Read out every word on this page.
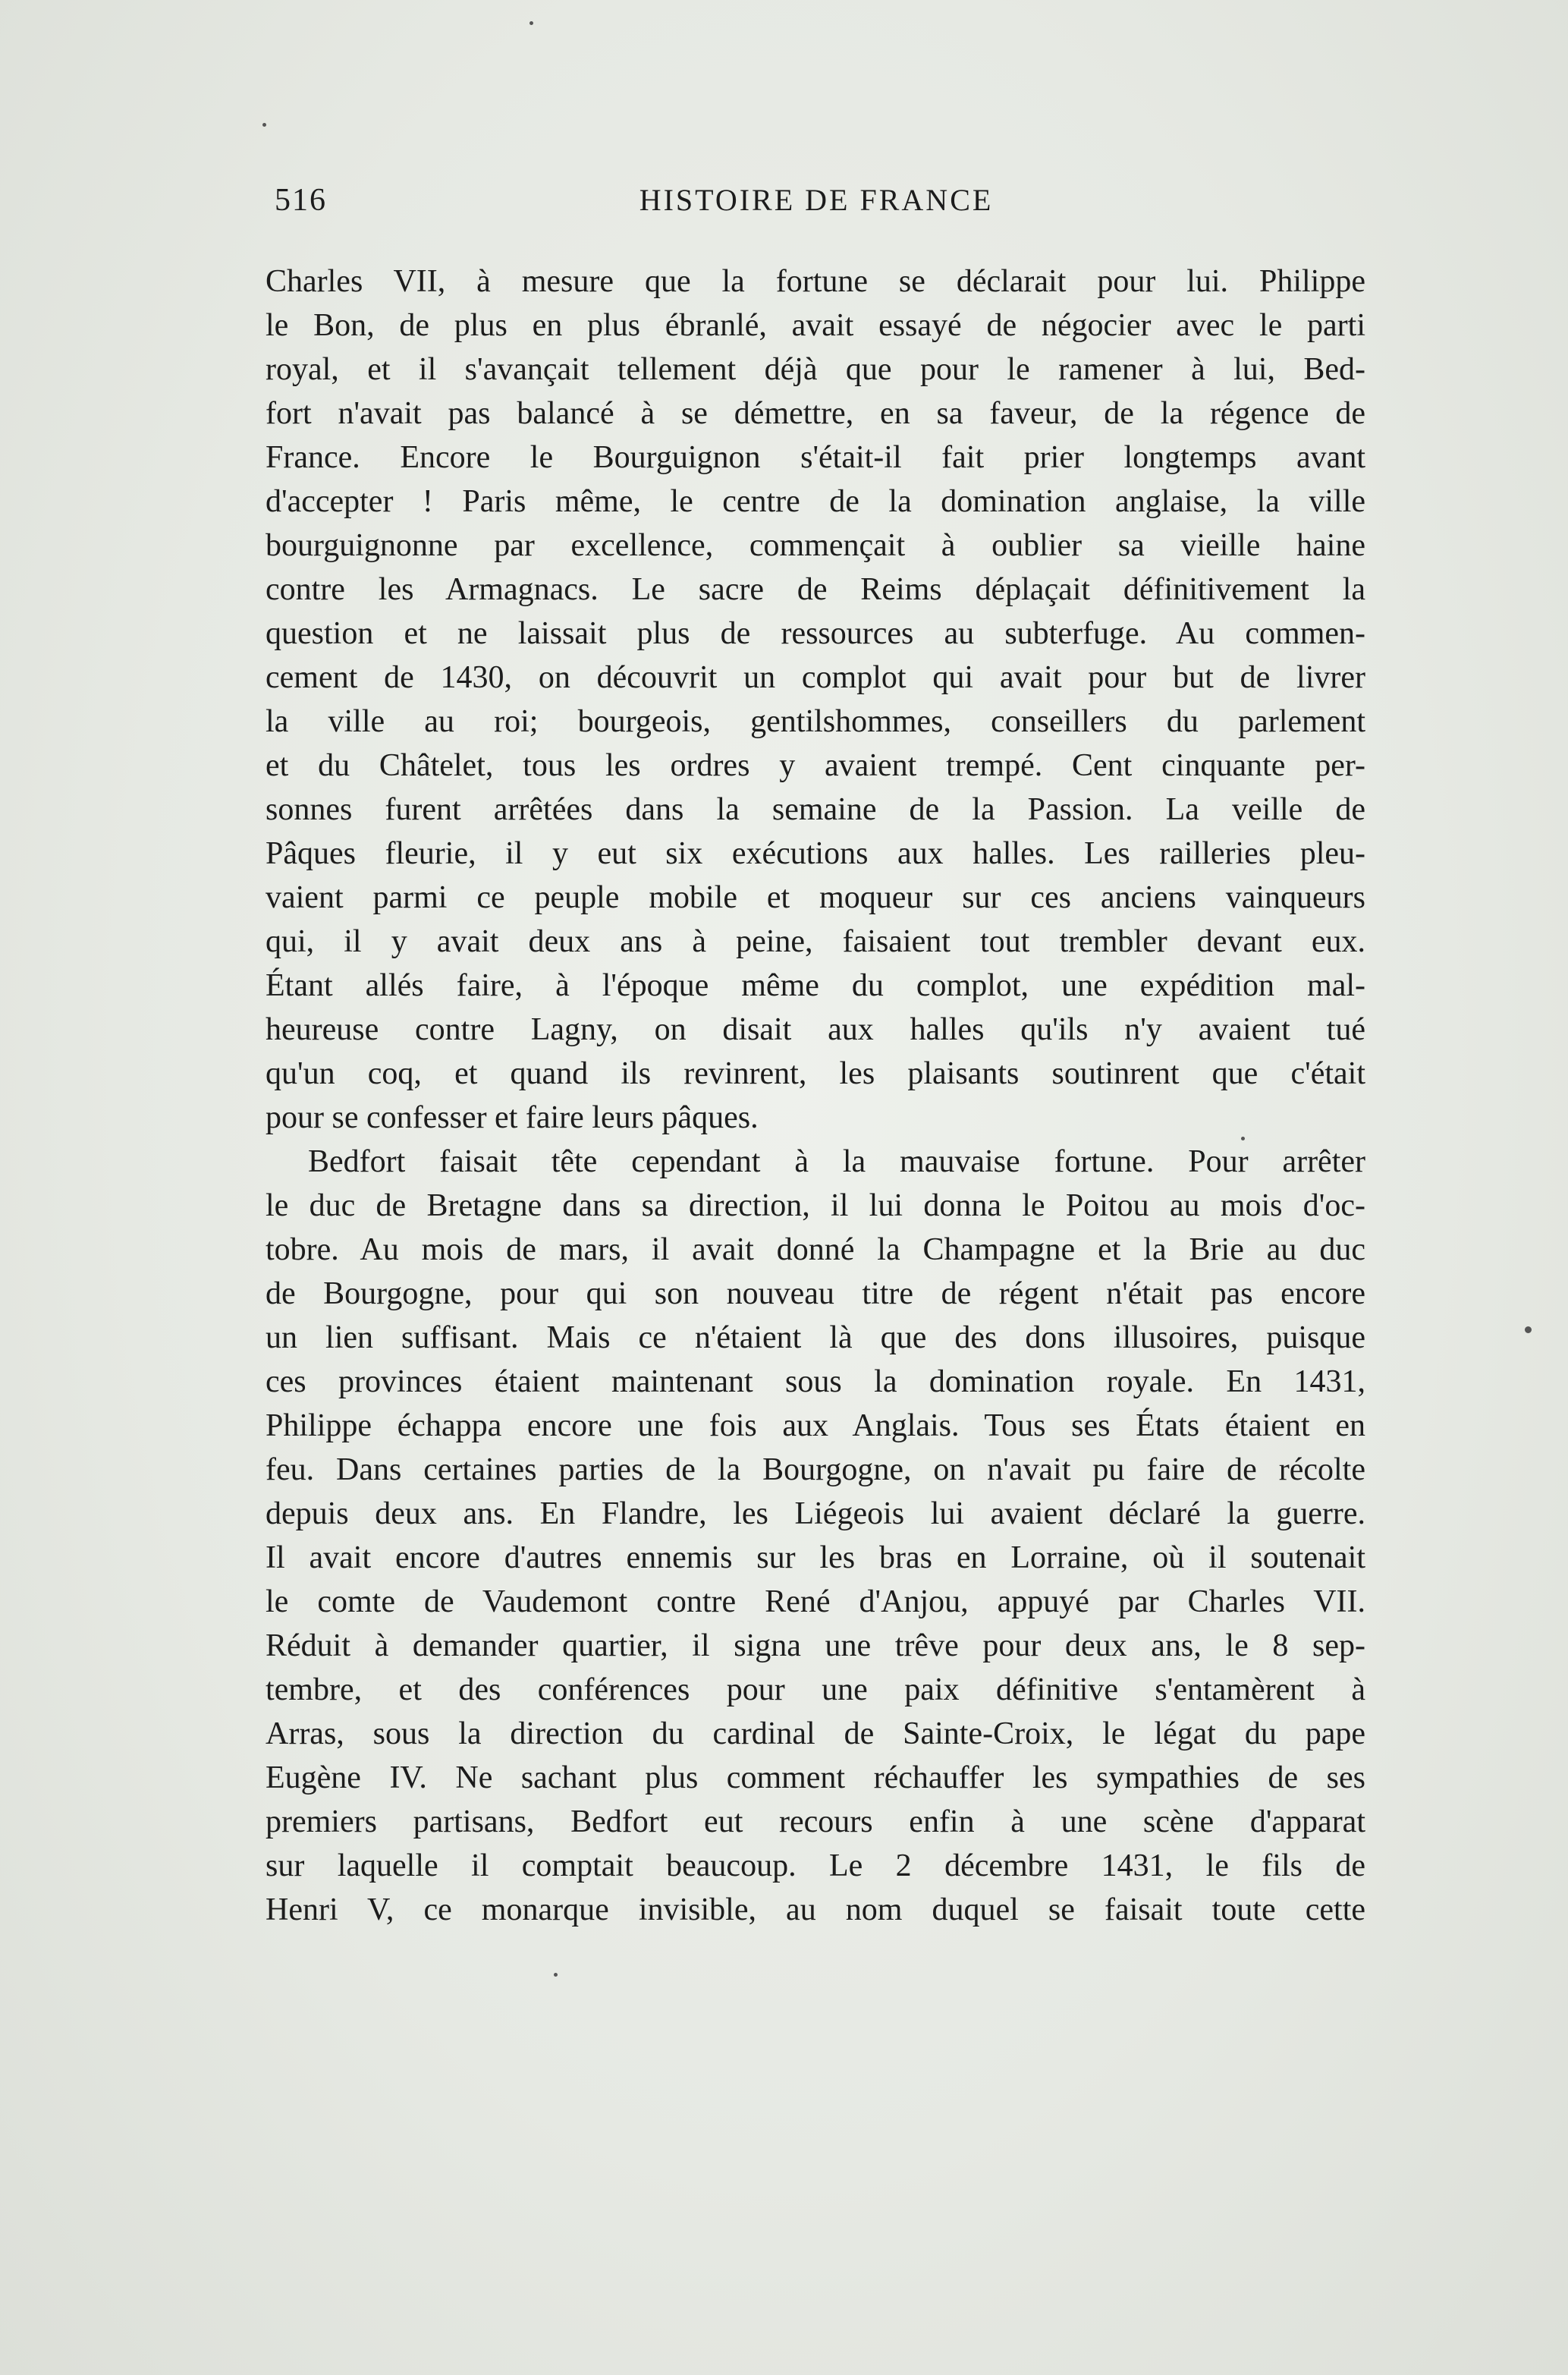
516	HISTOIRE DE FRANCE
Charles VII, à mesure que la fortune se déclarait pour lui. Philippe
le Bon, de plus en plus ébranlé, avait essayé de négocier avec le parti
royal, et il s'avançait tellement déjà que pour le ramener à lui, Bed-
fort n'avait pas balancé à se démettre, en sa faveur, de la régence de
France. Encore le Bourguignon s'était-il fait prier longtemps avant
d'accepter ! Paris même, le centre de la domination anglaise, la ville
bourguignonne par excellence, commençait à oublier sa vieille haine
contre les Armagnacs. Le sacre de Reims déplaçait définitivement la
question et ne laissait plus de ressources au subterfuge. Au commen-
cement de 1430, on découvrit un complot qui avait pour but de livrer
la ville au roi; bourgeois, gentilshommes, conseillers du parlement
et du Châtelet, tous les ordres y avaient trempé. Cent cinquante per-
sonnes furent arrêtées dans la semaine de la Passion. La veille de
Pâques fleurie, il y eut six exécutions aux halles. Les railleries pleu-
vaient parmi ce peuple mobile et moqueur sur ces anciens vainqueurs
qui, il y avait deux ans à peine, faisaient tout trembler devant eux.
Étant allés faire, à l'époque même du complot, une expédition mal-
heureuse contre Lagny, on disait aux halles qu'ils n'y avaient tué
qu'un coq, et quand ils revinrent, les plaisants soutinrent que c'était
pour se confesser et faire leurs pâques.
Bedfort faisait tête cependant à la mauvaise fortune. Pour arrêter
le duc de Bretagne dans sa direction, il lui donna le Poitou au mois d'oc-
tobre. Au mois de mars, il avait donné la Champagne et la Brie au duc
de Bourgogne, pour qui son nouveau titre de régent n'était pas encore
un lien suffisant. Mais ce n'étaient là que des dons illusoires, puisque
ces provinces étaient maintenant sous la domination royale. En 1431,
Philippe échappa encore une fois aux Anglais. Tous ses États étaient en
feu. Dans certaines parties de la Bourgogne, on n'avait pu faire de récolte
depuis deux ans. En Flandre, les Liégeois lui avaient déclaré la guerre.
Il avait encore d'autres ennemis sur les bras en Lorraine, où il soutenait
le comte de Vaudemont contre René d'Anjou, appuyé par Charles VII.
Réduit à demander quartier, il signa une trêve pour deux ans, le 8 sep-
tembre, et des conférences pour une paix définitive s'entamèrent à
Arras, sous la direction du cardinal de Sainte-Croix, le légat du pape
Eugène IV. Ne sachant plus comment réchauffer les sympathies de ses
premiers partisans, Bedfort eut recours enfin à une scène d'apparat
sur laquelle il comptait beaucoup. Le 2 décembre 1431, le fils de
Henri V, ce monarque invisible, au nom duquel se faisait toute cette
